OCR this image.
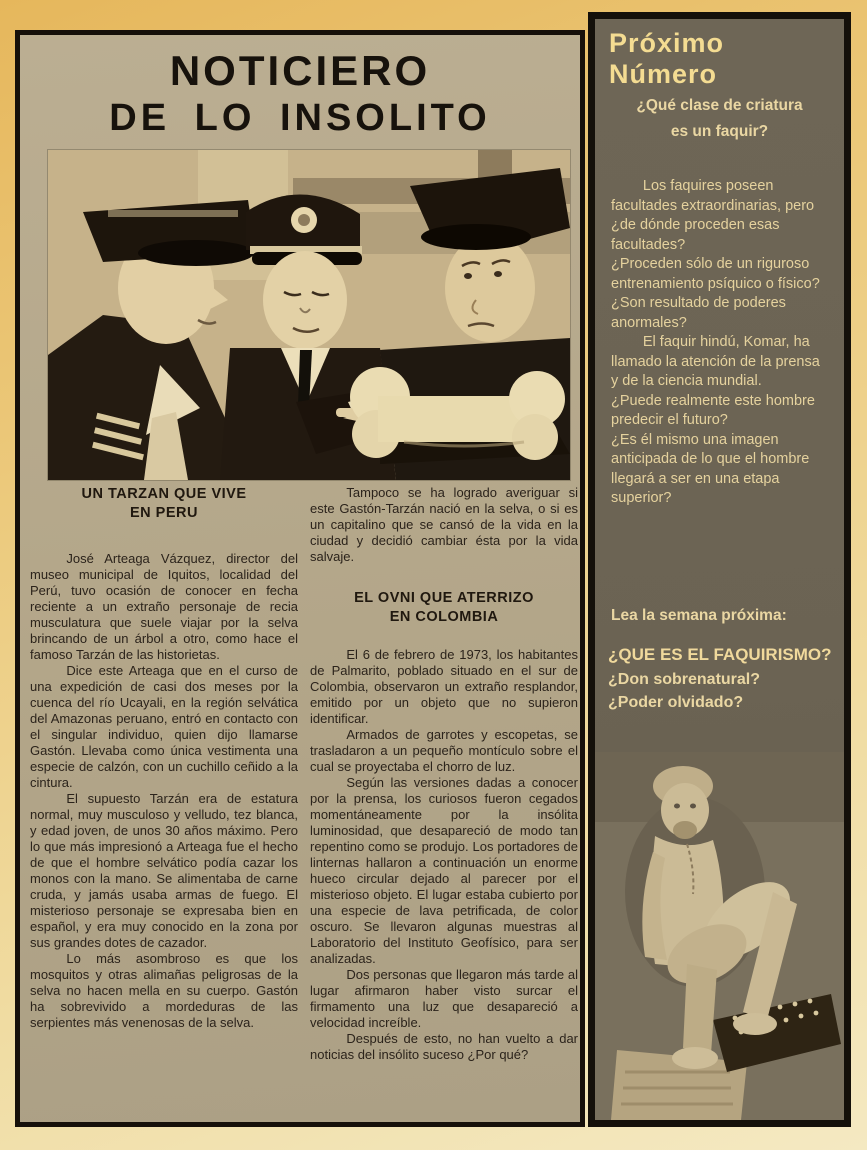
NOTICIERO
DE LO INSOLITO
UN TARZAN QUE VIVE
EN PERU

José Arteaga Vázquez, director del museo municipal de Iquitos, localidad del Perú, tuvo ocasión de conocer en fecha reciente a un extraño personaje de recia musculatura que suele viajar por la selva brincando de un árbol a otro, como hace el famoso Tarzán de las historietas.

Dice este Arteaga que en el curso de una expedición de casi dos meses por la cuenca del río Ucayali, en la región selvática del Amazonas peruano, entró en contacto con el singular individuo, quien dijo llamarse Gastón. Llevaba como única vestimenta una especie de calzón, con un cuchillo ceñido a la cintura.

El supuesto Tarzán era de estatura normal, muy musculoso y velludo, tez blanca, y edad joven, de unos 30 años máximo. Pero lo que más impresionó a Arteaga fue el hecho de que el hombre selvático podía cazar los monos con la mano. Se alimentaba de carne cruda, y jamás usaba armas de fuego. El misterioso personaje se expresaba bien en español, y era muy conocido en la zona por sus grandes dotes de cazador.

Lo más asombroso es que los mosquitos y otras alimañas peligrosas de la selva no hacen mella en su cuerpo. Gastón ha sobrevivido a mordeduras de las serpientes más venenosas de la selva.

Tampoco se ha logrado averiguar si este Gastón-Tarzán nació en la selva, o si es un capitalino que se cansó de la vida en la ciudad y decidió cambiar ésta por la vida salvaje.

EL OVNI QUE ATERRIZO
EN COLOMBIA

El 6 de febrero de 1973, los habitantes de Palmarito, poblado situado en el sur de Colombia, observaron un extraño resplandor, emitido por un objeto que no supieron identificar.

Armados de garrotes y escopetas, se trasladaron a un pequeño montículo sobre el cual se proyectaba el chorro de luz.

Según las versiones dadas a conocer por la prensa, los curiosos fueron cegados momentáneamente por la insólita luminosidad, que desapareció de modo tan repentino como se produjo. Los portadores de linternas hallaron a continuación un enorme hueco circular dejado al parecer por el misterioso objeto. El lugar estaba cubierto por una especie de lava petrificada, de color oscuro. Se llevaron algunas muestras al Laboratorio del Instituto Geofísico, para ser analizadas.

Dos personas que llegaron más tarde al lugar afirmaron haber visto surcar el firmamento una luz que desapareció a velocidad increíble.

Después de esto, no han vuelto a dar noticias del insólito suceso ¿Por qué?

Próximo Número
¿Qué clase de criatura
es un faquir?

Los faquires poseen facultades extraordinarias, pero ¿de dónde proceden esas facultades?

¿Proceden sólo de un riguroso entrenamiento psíquico o físico? ¿Son resultado de poderes anormales?

El faquir hindú, Komar, ha llamado la atención de la prensa y de la ciencia mundial.

¿Puede realmente este hombre predecir el futuro?

¿Es él mismo una imagen anticipada de lo que el hombre llegará a ser en una etapa superior?

Lea la semana próxima:
¿QUE ES EL FAQUIRISMO?
¿Don sobrenatural?
¿Poder olvidado?
